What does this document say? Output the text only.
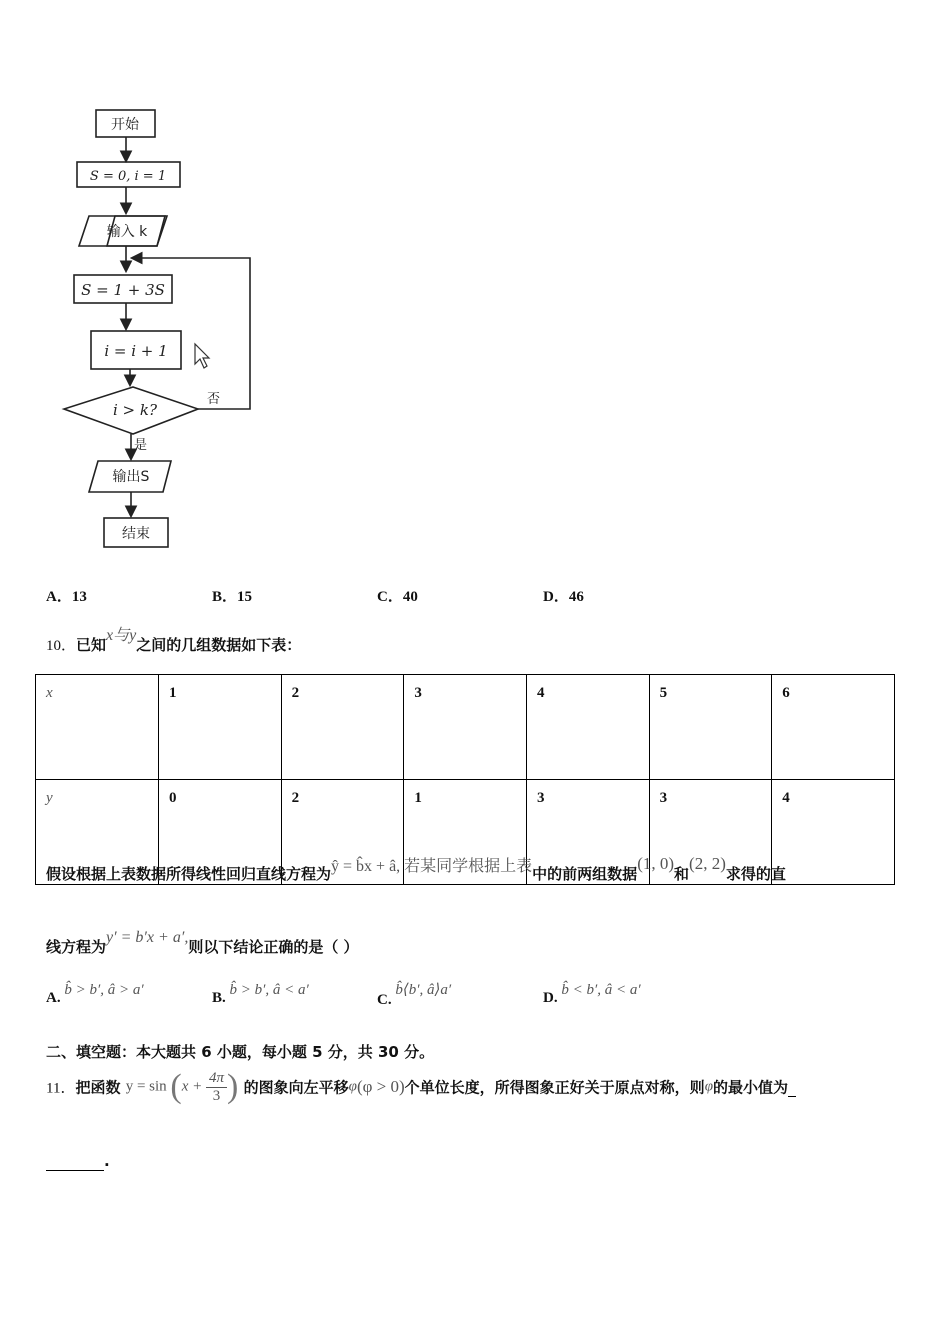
开始
S = 0, i = 1
输入 k
S = 1 + 3S
i = i + 1
i > k?
否
是
输出S
结束
A．13	B．15	C．40	D．46
10．已知x与y之间的几组数据如下表：
x	1	2	3	4	5	6
y	0	2	1	3	3	4
假设根据上表数据所得线性回归直线方程为ŷ = b̂x + â, 若某同学根据上表中的前两组数据(1, 0)和(2, 2)求得的直
线方程为y′ = b′x + a′,则以下结论正确的是（ ）
A. b̂ > b′, â > a′	B. b̂ > b′, â < a′
C. b̂⟨b′, â⟩a′	D. b̂ < b′, â < a′
二、填空题：本大题共 6 小题，每小题 5 分，共 30 分。
11．把函数 $y = \sin (x + \frac{4\pi}{3}$ ) 的图象向左平移φ(φ > 0)个单位长度，所得图象正好关于原点对称，则φ的最小值为
.
